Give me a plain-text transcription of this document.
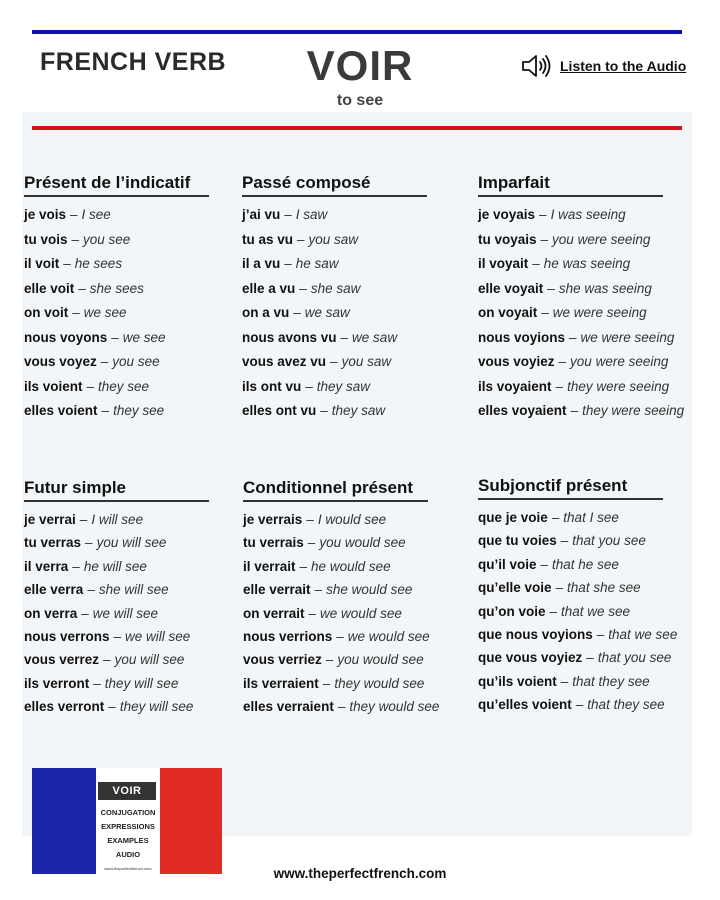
FRENCH VERB	VOIR
to see
Listen to the Audio
Présent de l’indicatif
je vois – I see
tu vois – you see
il voit – he sees
elle voit – she sees
on voit – we see
nous voyons – we see
vous voyez – you see
ils voient – they see
elles voient – they see
Passé composé
j’ai vu – I saw
tu as vu – you saw
il a vu – he saw
elle a vu – she saw
on a vu – we saw
nous avons vu – we saw
vous avez vu – you saw
ils ont vu – they saw
elles ont vu – they saw
Imparfait
je voyais – I was seeing
tu voyais – you were seeing
il voyait – he was seeing
elle voyait – she was seeing
on voyait – we were seeing
nous voyions – we were seeing
vous voyiez – you were seeing
ils voyaient – they were seeing
elles voyaient – they were seeing
Futur simple
je verrai – I will see
tu verras – you will see
il verra – he will see
elle verra – she will see
on verra – we will see
nous verrons – we will see
vous verrez – you will see
ils verront – they will see
elles verront – they will see
Conditionnel présent
je verrais – I would see
tu verrais – you would see
il verrait – he would see
elle verrait – she would see
on verrait – we would see
nous verrions – we would see
vous verriez – you would see
ils verraient – they would see
elles verraient – they would see
Subjonctif présent
que je voie – that I see
que tu voies – that you see
qu’il voie – that he see
qu’elle voie – that she see
qu’on voie – that we see
que nous voyions – that we see
que vous voyiez – that you see
qu’ils voient – that they see
qu’elles voient – that they see
VOIR
CONJUGATION
EXPRESSIONS
EXAMPLES
AUDIO
www.theperfectfrench.com	www.theperfectfrench.com
